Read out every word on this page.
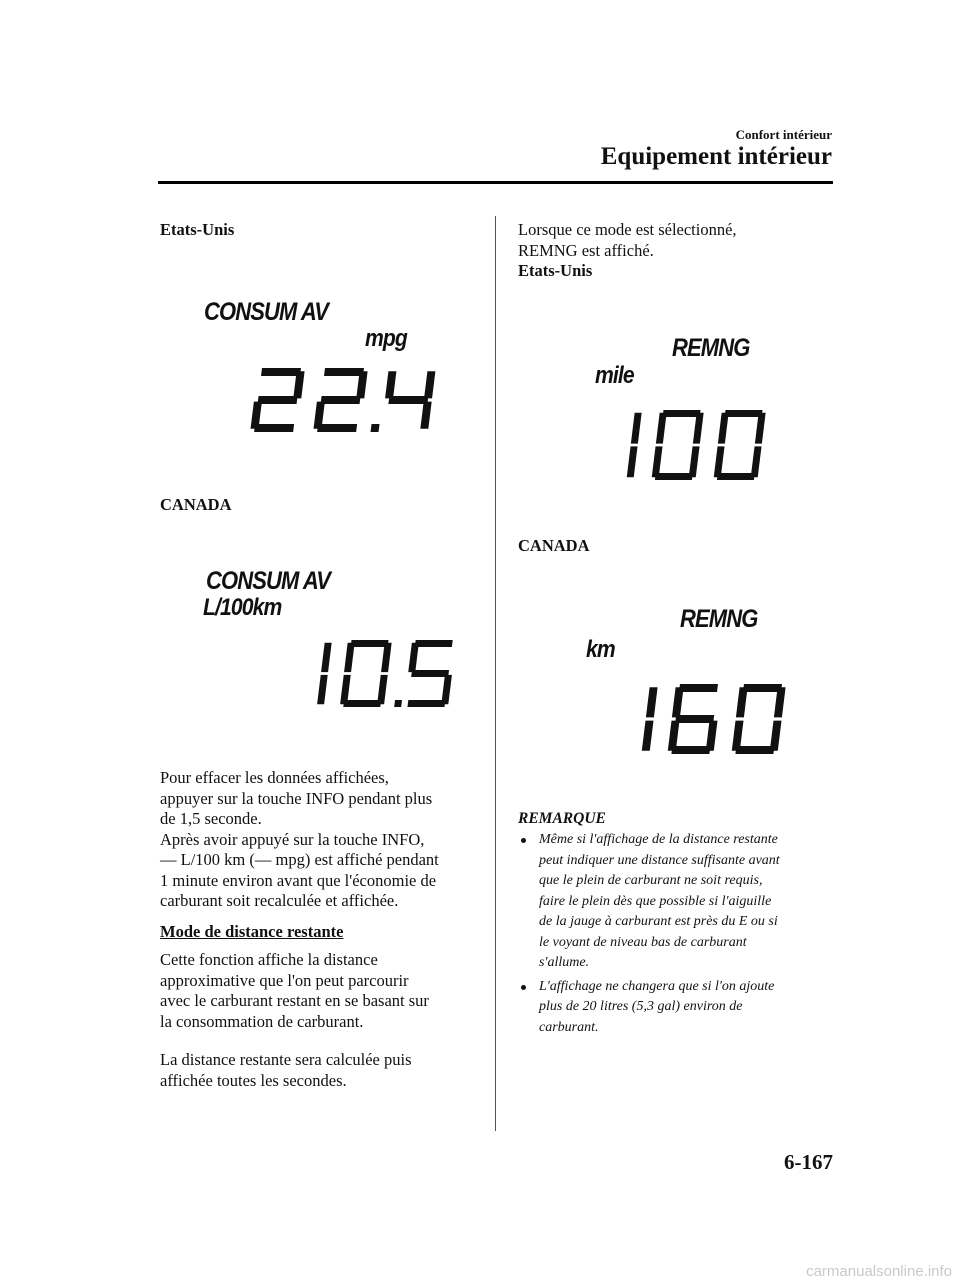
Confort intérieur
Equipement intérieur
Etats-Unis
CONSUM AV
mpg
CANADA
CONSUM AV
L/100km
Pour effacer les données affichées,
appuyer sur la touche INFO pendant plus
de 1,5 seconde.
Après avoir appuyé sur la touche INFO,
— L/100 km (— mpg) est affiché pendant
1 minute environ avant que l'économie de
carburant soit recalculée et affichée.
Mode de distance restante
Cette fonction affiche la distance
approximative que l'on peut parcourir
avec le carburant restant en se basant sur
la consommation de carburant.
La distance restante sera calculée puis
affichée toutes les secondes.
Lorsque ce mode est sélectionné,
REMNG est affiché.
Etats-Unis
REMNG
mile
CANADA
REMNG
km
REMARQUE
Même si l'affichage de la distance restante
peut indiquer une distance suffisante avant
que le plein de carburant ne soit requis,
faire le plein dès que possible si l'aiguille
de la jauge à carburant est près du E ou si
le voyant de niveau bas de carburant
s'allume.
L'affichage ne changera que si l'on ajoute
plus de 20 litres (5,3 gal) environ de
carburant.
6-167
carmanualsonline.info
